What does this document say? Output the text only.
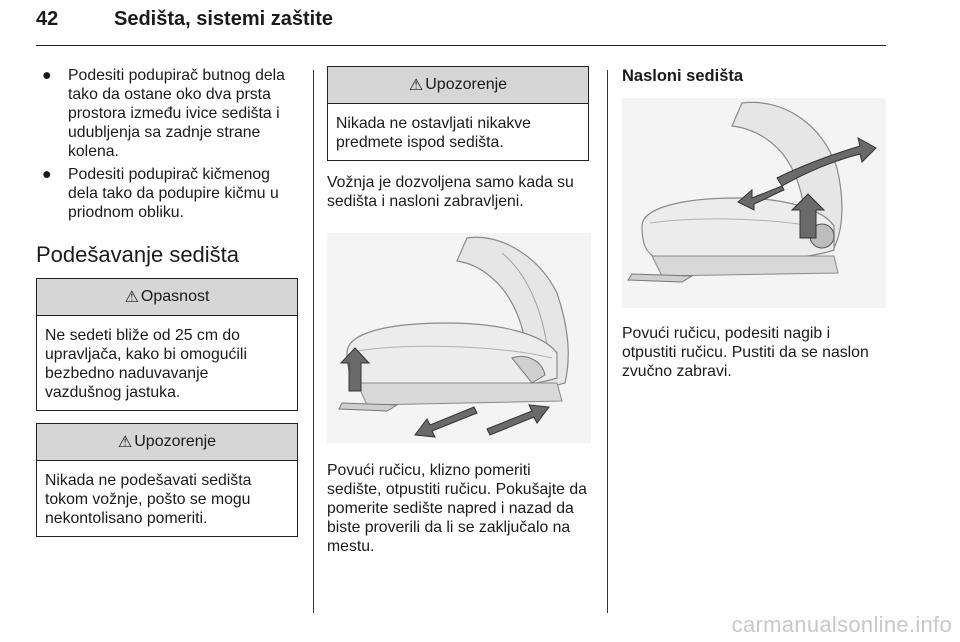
42	Sedišta, sistemi zaštite
● Podesiti podupirač butnog dela tako da ostane oko dva prsta prostora između ivice sedišta i udubljenja sa zadnje strane kolena.
● Podesiti podupirač kičmenog dela tako da podupire kičmu u priodnom obliku.
Podešavanje sedišta
⚠ Opasnost
Ne sedeti bliže od 25 cm do upravljača, kako bi omogućili bezbedno naduvavanje vazdušnog jastuka.
⚠ Upozorenje
Nikada ne podešavati sedišta tokom vožnje, pošto se mogu nekontolisano pomeriti.
⚠ Upozorenje
Nikada ne ostavljati nikakve predmete ispod sedišta.
Vožnja je dozvoljena samo kada su sedišta i nasloni zabravljeni.
Povući ručicu, klizno pomeriti sedište, otpustiti ručicu. Pokušajte da pomerite sedište napred i nazad da biste proverili da li se zaključalo na mestu.
Nasloni sedišta
Povući ručicu, podesiti nagib i otpustiti ručicu. Pustiti da se naslon zvučno zabravi.
carmanualsonline.info
